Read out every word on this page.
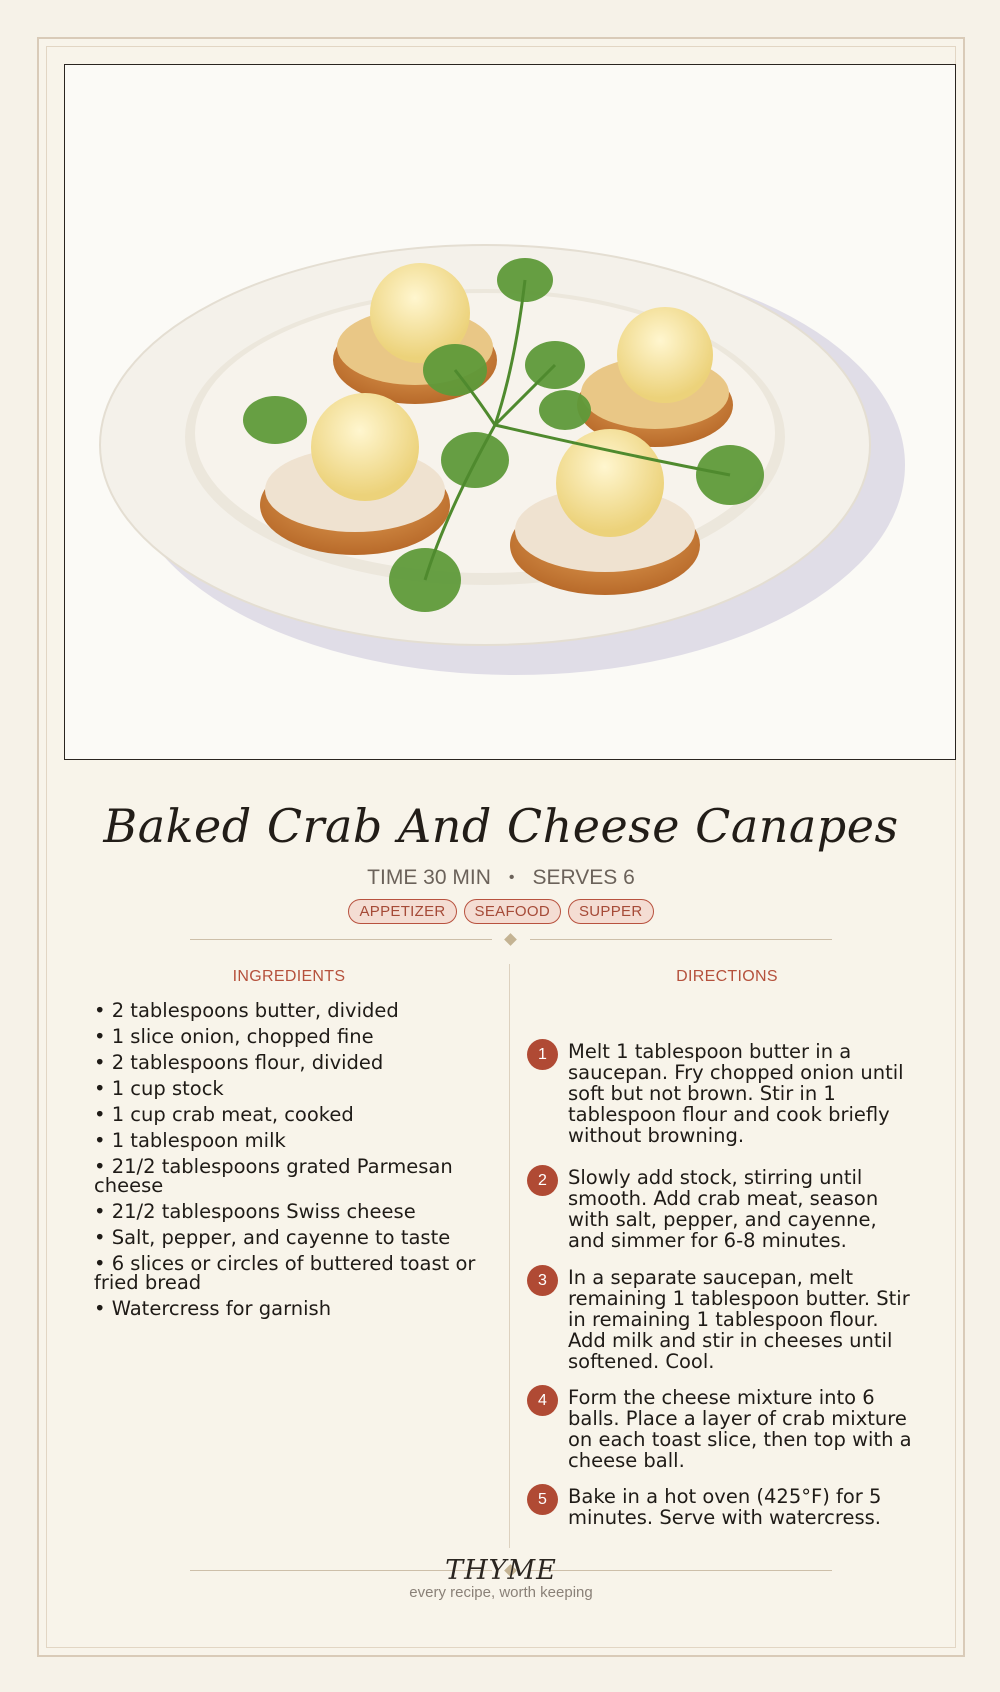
Baked Crab And Cheese Canapes
TIME 30 MIN • SERVES 6
APPETIZER	SEAFOOD	SUPPER
INGREDIENTS
• 2 tablespoons butter, divided
• 1 slice onion, chopped fine
• 2 tablespoons flour, divided
• 1 cup stock
• 1 cup crab meat, cooked
• 1 tablespoon milk
• 21/2 tablespoons grated Parmesan cheese
• 21/2 tablespoons Swiss cheese
• Salt, pepper, and cayenne to taste
• 6 slices or circles of buttered toast or fried bread
• Watercress for garnish
DIRECTIONS
1	Melt 1 tablespoon butter in a saucepan. Fry chopped onion until soft but not brown. Stir in 1 tablespoon flour and cook briefly without browning.
2	Slowly add stock, stirring until smooth. Add crab meat, season with salt, pepper, and cayenne, and simmer for 6-8 minutes.
3	In a separate saucepan, melt remaining 1 tablespoon butter. Stir in remaining 1 tablespoon flour. Add milk and stir in cheeses until softened. Cool.
4	Form the cheese mixture into 6 balls. Place a layer of crab mixture on each toast slice, then top with a cheese ball.
5	Bake in a hot oven (425°F) for 5 minutes. Serve with watercress.
THYME
every recipe, worth keeping
